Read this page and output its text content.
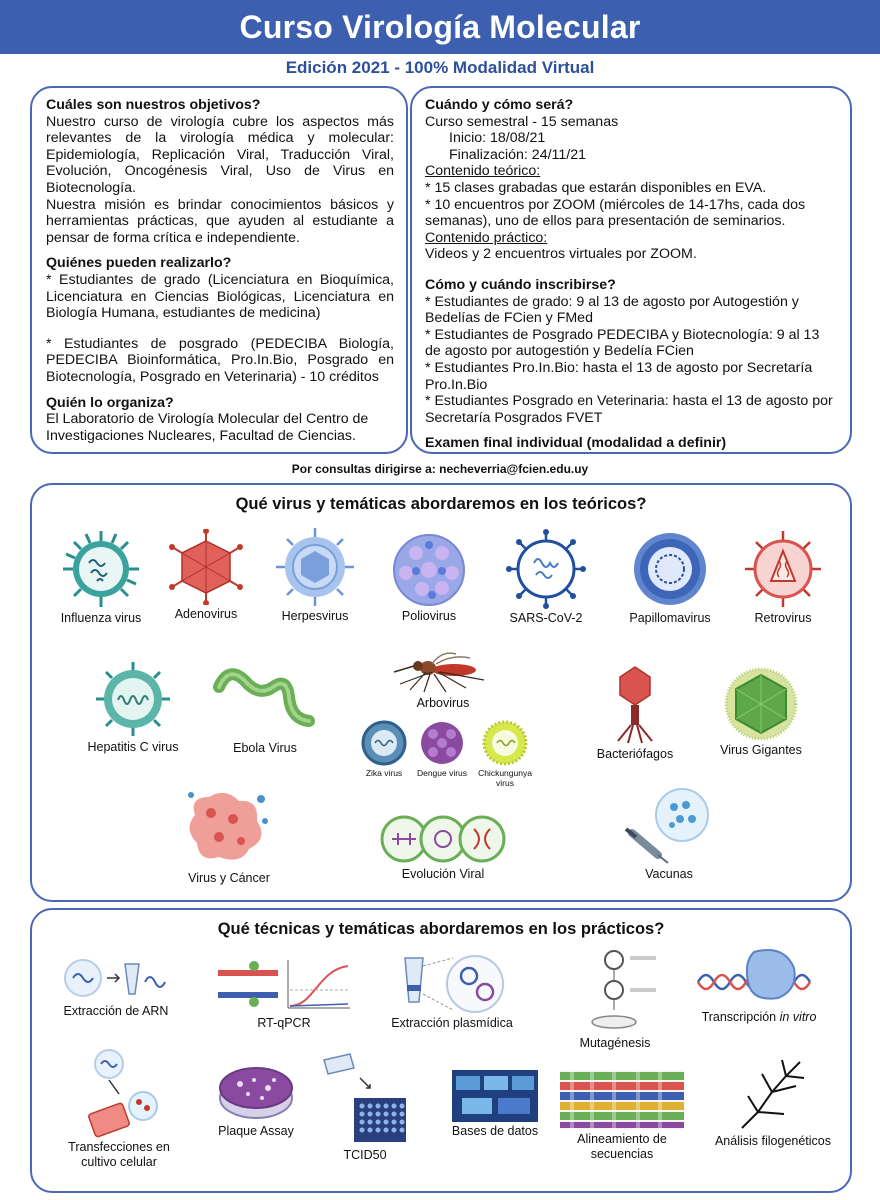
Curso Virología Molecular
Edición 2021 - 100% Modalidad Virtual
Cuáles son nuestros objetivos?
Nuestro curso de virología cubre los aspectos más relevantes de la virología médica y molecular: Epidemiología, Replicación Viral, Traducción Viral, Evolución, Oncogénesis Viral, Uso de Virus en Biotecnología.
Nuestra misión es brindar conocimientos básicos y herramientas prácticas, que ayuden al estudiante a pensar de forma crítica e independiente.
Quiénes pueden realizarlo?
* Estudiantes de grado (Licenciatura en Bioquímica, Licenciatura en Ciencias Biológicas, Licenciatura en Biología Humana, estudiantes de medicina)
* Estudiantes de posgrado (PEDECIBA Biología, PEDECIBA Bioinformática, Pro.In.Bio, Posgrado en Biotecnología, Posgrado en Veterinaria) - 10 créditos
Quién lo organiza?
El Laboratorio de Virología Molecular del Centro de Investigaciones Nucleares, Facultad de Ciencias.
Cuándo y cómo será?
Curso semestral - 15 semanas
Inicio: 18/08/21
Finalización: 24/11/21
Contenido teórico:
* 15 clases grabadas que estarán disponibles en EVA.
* 10 encuentros por ZOOM (miércoles de 14-17hs, cada dos semanas), uno de ellos para presentación de seminarios.
Contenido práctico:
Videos y 2 encuentros virtuales por ZOOM.
Cómo y cuándo inscribirse?
* Estudiantes de grado: 9 al 13 de agosto por Autogestión y Bedelías de FCien y FMed
* Estudiantes de Posgrado PEDECIBA y Biotecnología: 9 al 13 de agosto por autogestión y Bedelía FCien
* Estudiantes Pro.In.Bio: hasta el 13 de agosto por Secretaría Pro.In.Bio
* Estudiantes Posgrado en Veterinaria: hasta el 13 de agosto por Secretaría Posgrados FVET
Examen final individual (modalidad a definir)
Por consultas dirigirse a: necheverria@fcien.edu.uy
Qué virus y temáticas abordaremos en los teóricos?
Influenza virus	Adenovirus	Herpesvirus	Poliovirus	SARS-CoV-2	Papillomavirus	Retrovirus
Hepatitis C virus	Ebola Virus
Arbovirus
Zika virus Dengue virus	Chickungunya virus
Bacteriófagos	Virus Gigantes
Virus y Cáncer	Evolución Viral	Vacunas
Qué técnicas y temáticas abordaremos en los prácticos?
Extracción de ARN
RT-qPCR	Extracción plasmídica
Mutagénesis
Transcripción in vitro
Transfecciones en cultivo celular
Plaque Assay
TCID50
Bases de datos
Alineamiento de secuencias
Análisis filogenéticos
